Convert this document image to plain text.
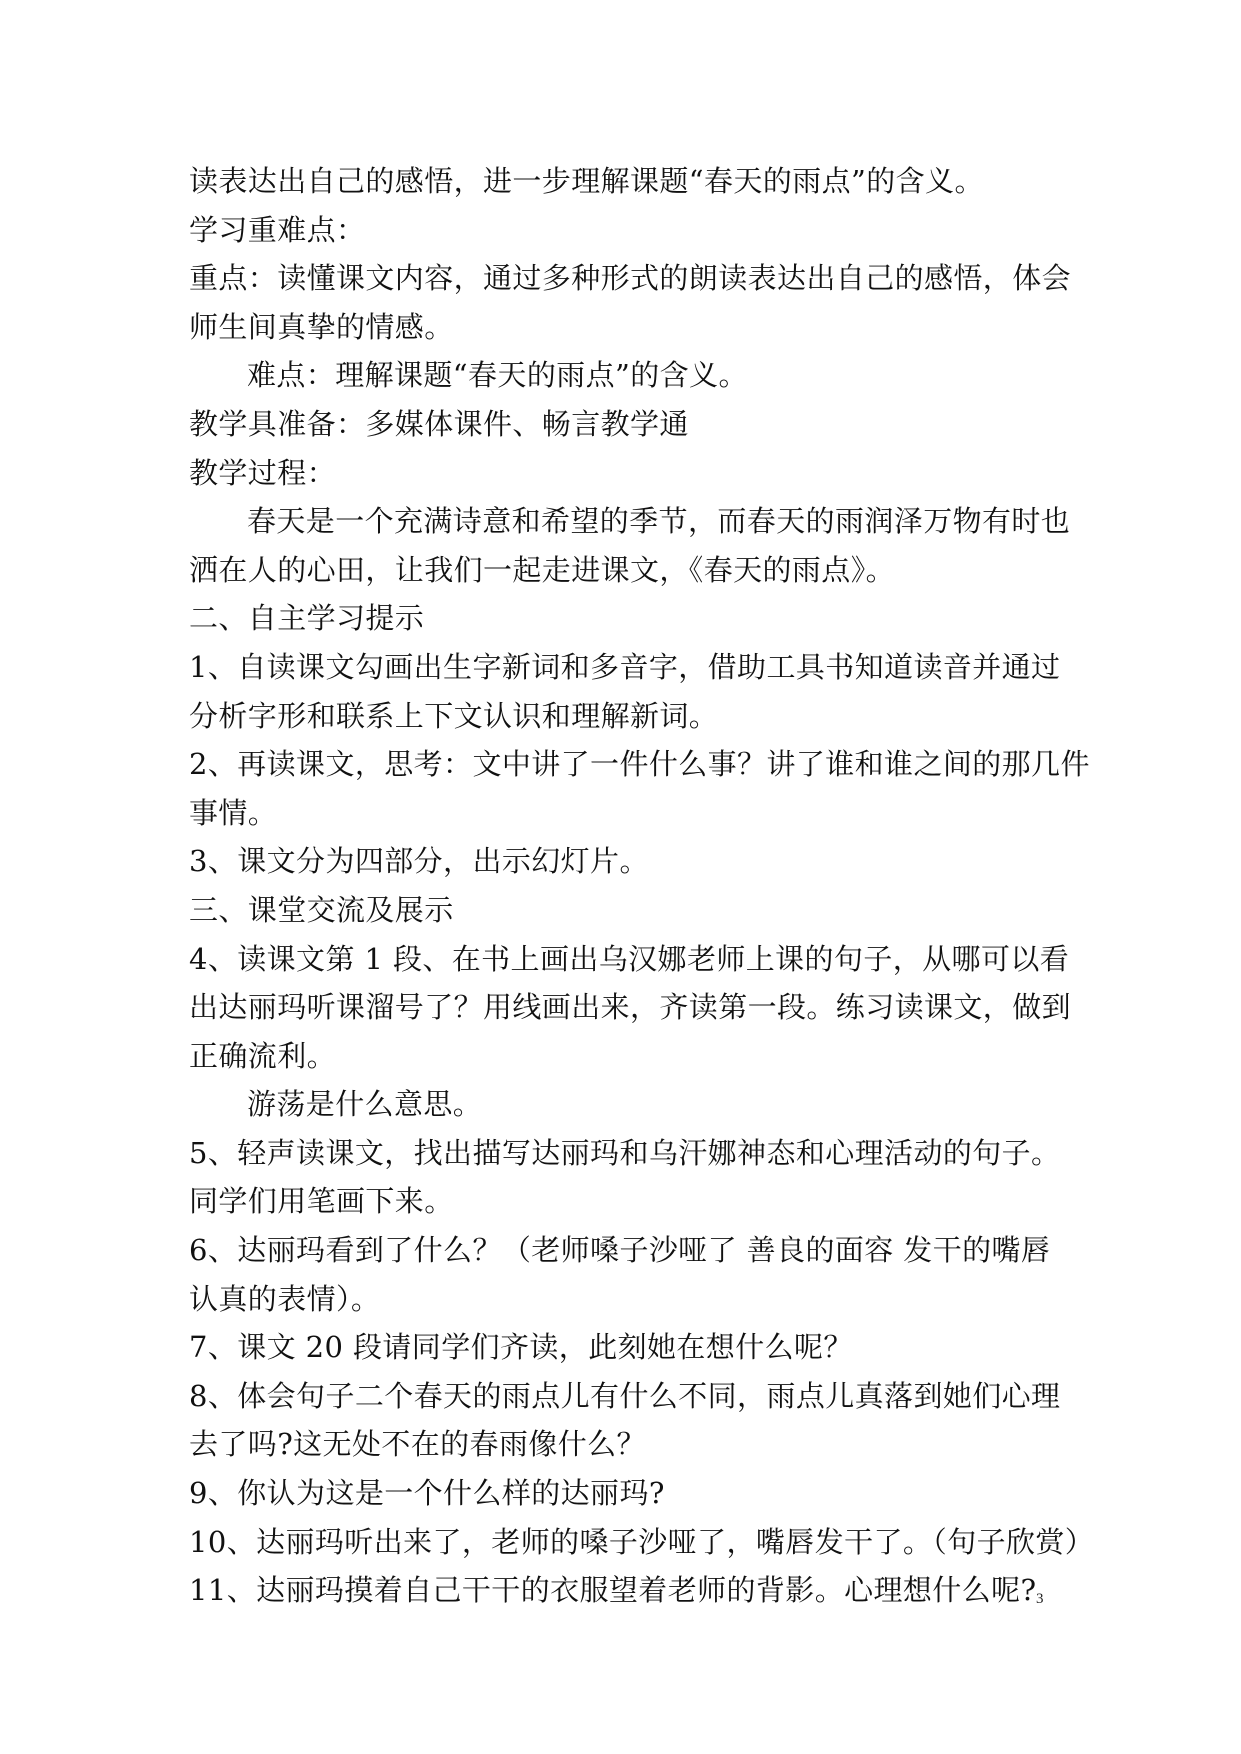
读表达出自己的感悟，进一步理解课题“春天的雨点”的含义。
学习重难点：
重点：读懂课文内容，通过多种形式的朗读表达出自己的感悟，体会
师生间真挚的情感。
难点：理解课题“春天的雨点”的含义。
教学具准备：多媒体课件、畅言教学通
教学过程：
春天是一个充满诗意和希望的季节，而春天的雨润泽万物有时也
洒在人的心田，让我们一起走进课文，《春天的雨点》。
二、自主学习提示
1、自读课文勾画出生字新词和多音字，借助工具书知道读音并通过
分析字形和联系上下文认识和理解新词。
2、再读课文，思考：文中讲了一件什么事？讲了谁和谁之间的那几件
事情。
3、课文分为四部分，出示幻灯片。
三、课堂交流及展示
4、读课文第 1 段、在书上画出乌汉娜老师上课的句子，从哪可以看
出达丽玛听课溜号了？用线画出来，齐读第一段。练习读课文，做到
正确流利。
游荡是什么意思。
5、轻声读课文，找出描写达丽玛和乌汗娜神态和心理活动的句子。
同学们用笔画下来。
6、达丽玛看到了什么？（老师嗓子沙哑了 善良的面容 发干的嘴唇
认真的表情）。
7、课文 20 段请同学们齐读，此刻她在想什么呢？
8、体会句子二个春天的雨点儿有什么不同，雨点儿真落到她们心理
去了吗?这无处不在的春雨像什么？
9、你认为这是一个什么样的达丽玛?
10、达丽玛听出来了，老师的嗓子沙哑了，嘴唇发干了。（句子欣赏）
11、达丽玛摸着自己干干的衣服望着老师的背影。心理想什么呢? 3
